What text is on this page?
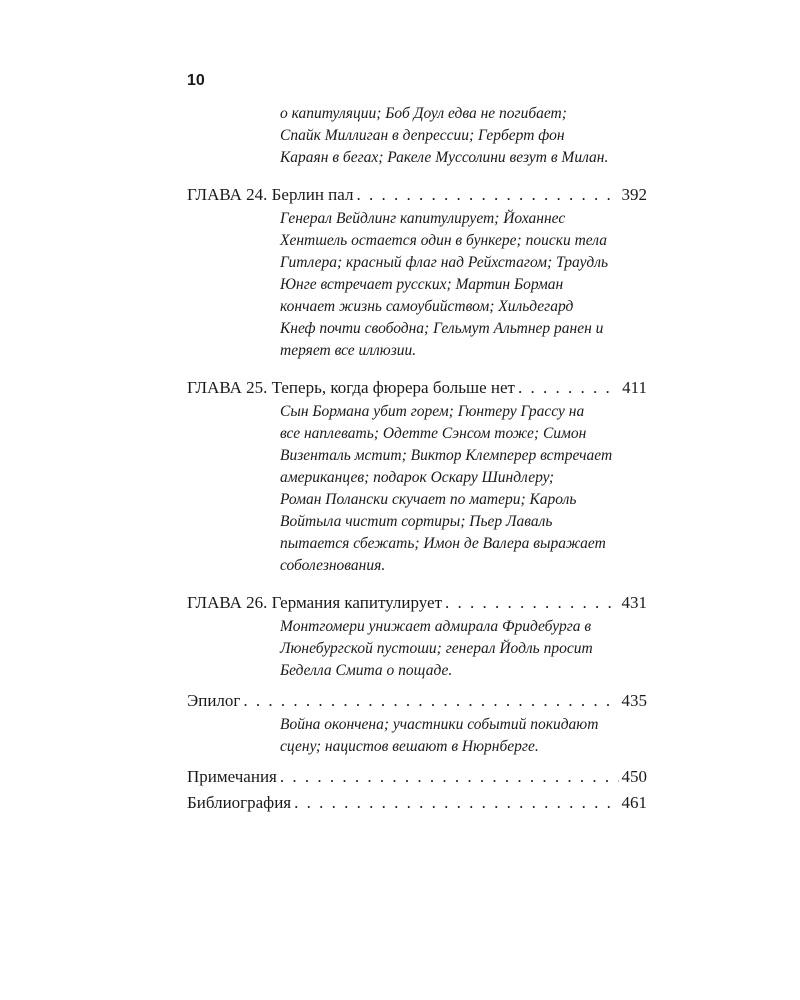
10
о капитуляции; Боб Доул едва не погибает;
Спайк Миллиган в депрессии; Герберт фон
Караян в бегах; Ракеле Муссолини везут в Милан.
ГЛАВА 24. Берлин пал . . .	392
Генерал Вейдлинг капитулирует; Йоханнес
Хентшель остается один в бункере; поиски тела
Гитлера; красный флаг над Рейхстагом; Траудль
Юнге встречает русских; Мартин Борман
кончает жизнь самоубийством; Хильдегард
Кнеф почти свободна; Гельмут Альтнер ранен и
теряет все иллюзии.
ГЛАВА 25. Теперь, когда фюрера больше нет . . .	411
Сын Бормана убит горем; Гюнтеру Грассу на
все наплевать; Одетте Сэнсом тоже; Симон
Визенталь мстит; Виктор Клемперер встречает
американцев; подарок Оскару Шиндлеру;
Роман Полански скучает по матери; Кароль
Войтыла чистит сортиры; Пьер Лаваль
пытается сбежать; Имон де Валера выражает
соболезнования.
ГЛАВА 26. Германия капитулирует . . .	431
Монтгомери унижает адмирала Фридебурга в
Люнебургской пустоши; генерал Йодль просит
Беделла Смита о пощаде.
Эпилог . . .	435
Война окончена; участники событий покидают
сцену; нацистов вешают в Нюрнберге.
Примечания . . .	450
Библиография . . .	461
